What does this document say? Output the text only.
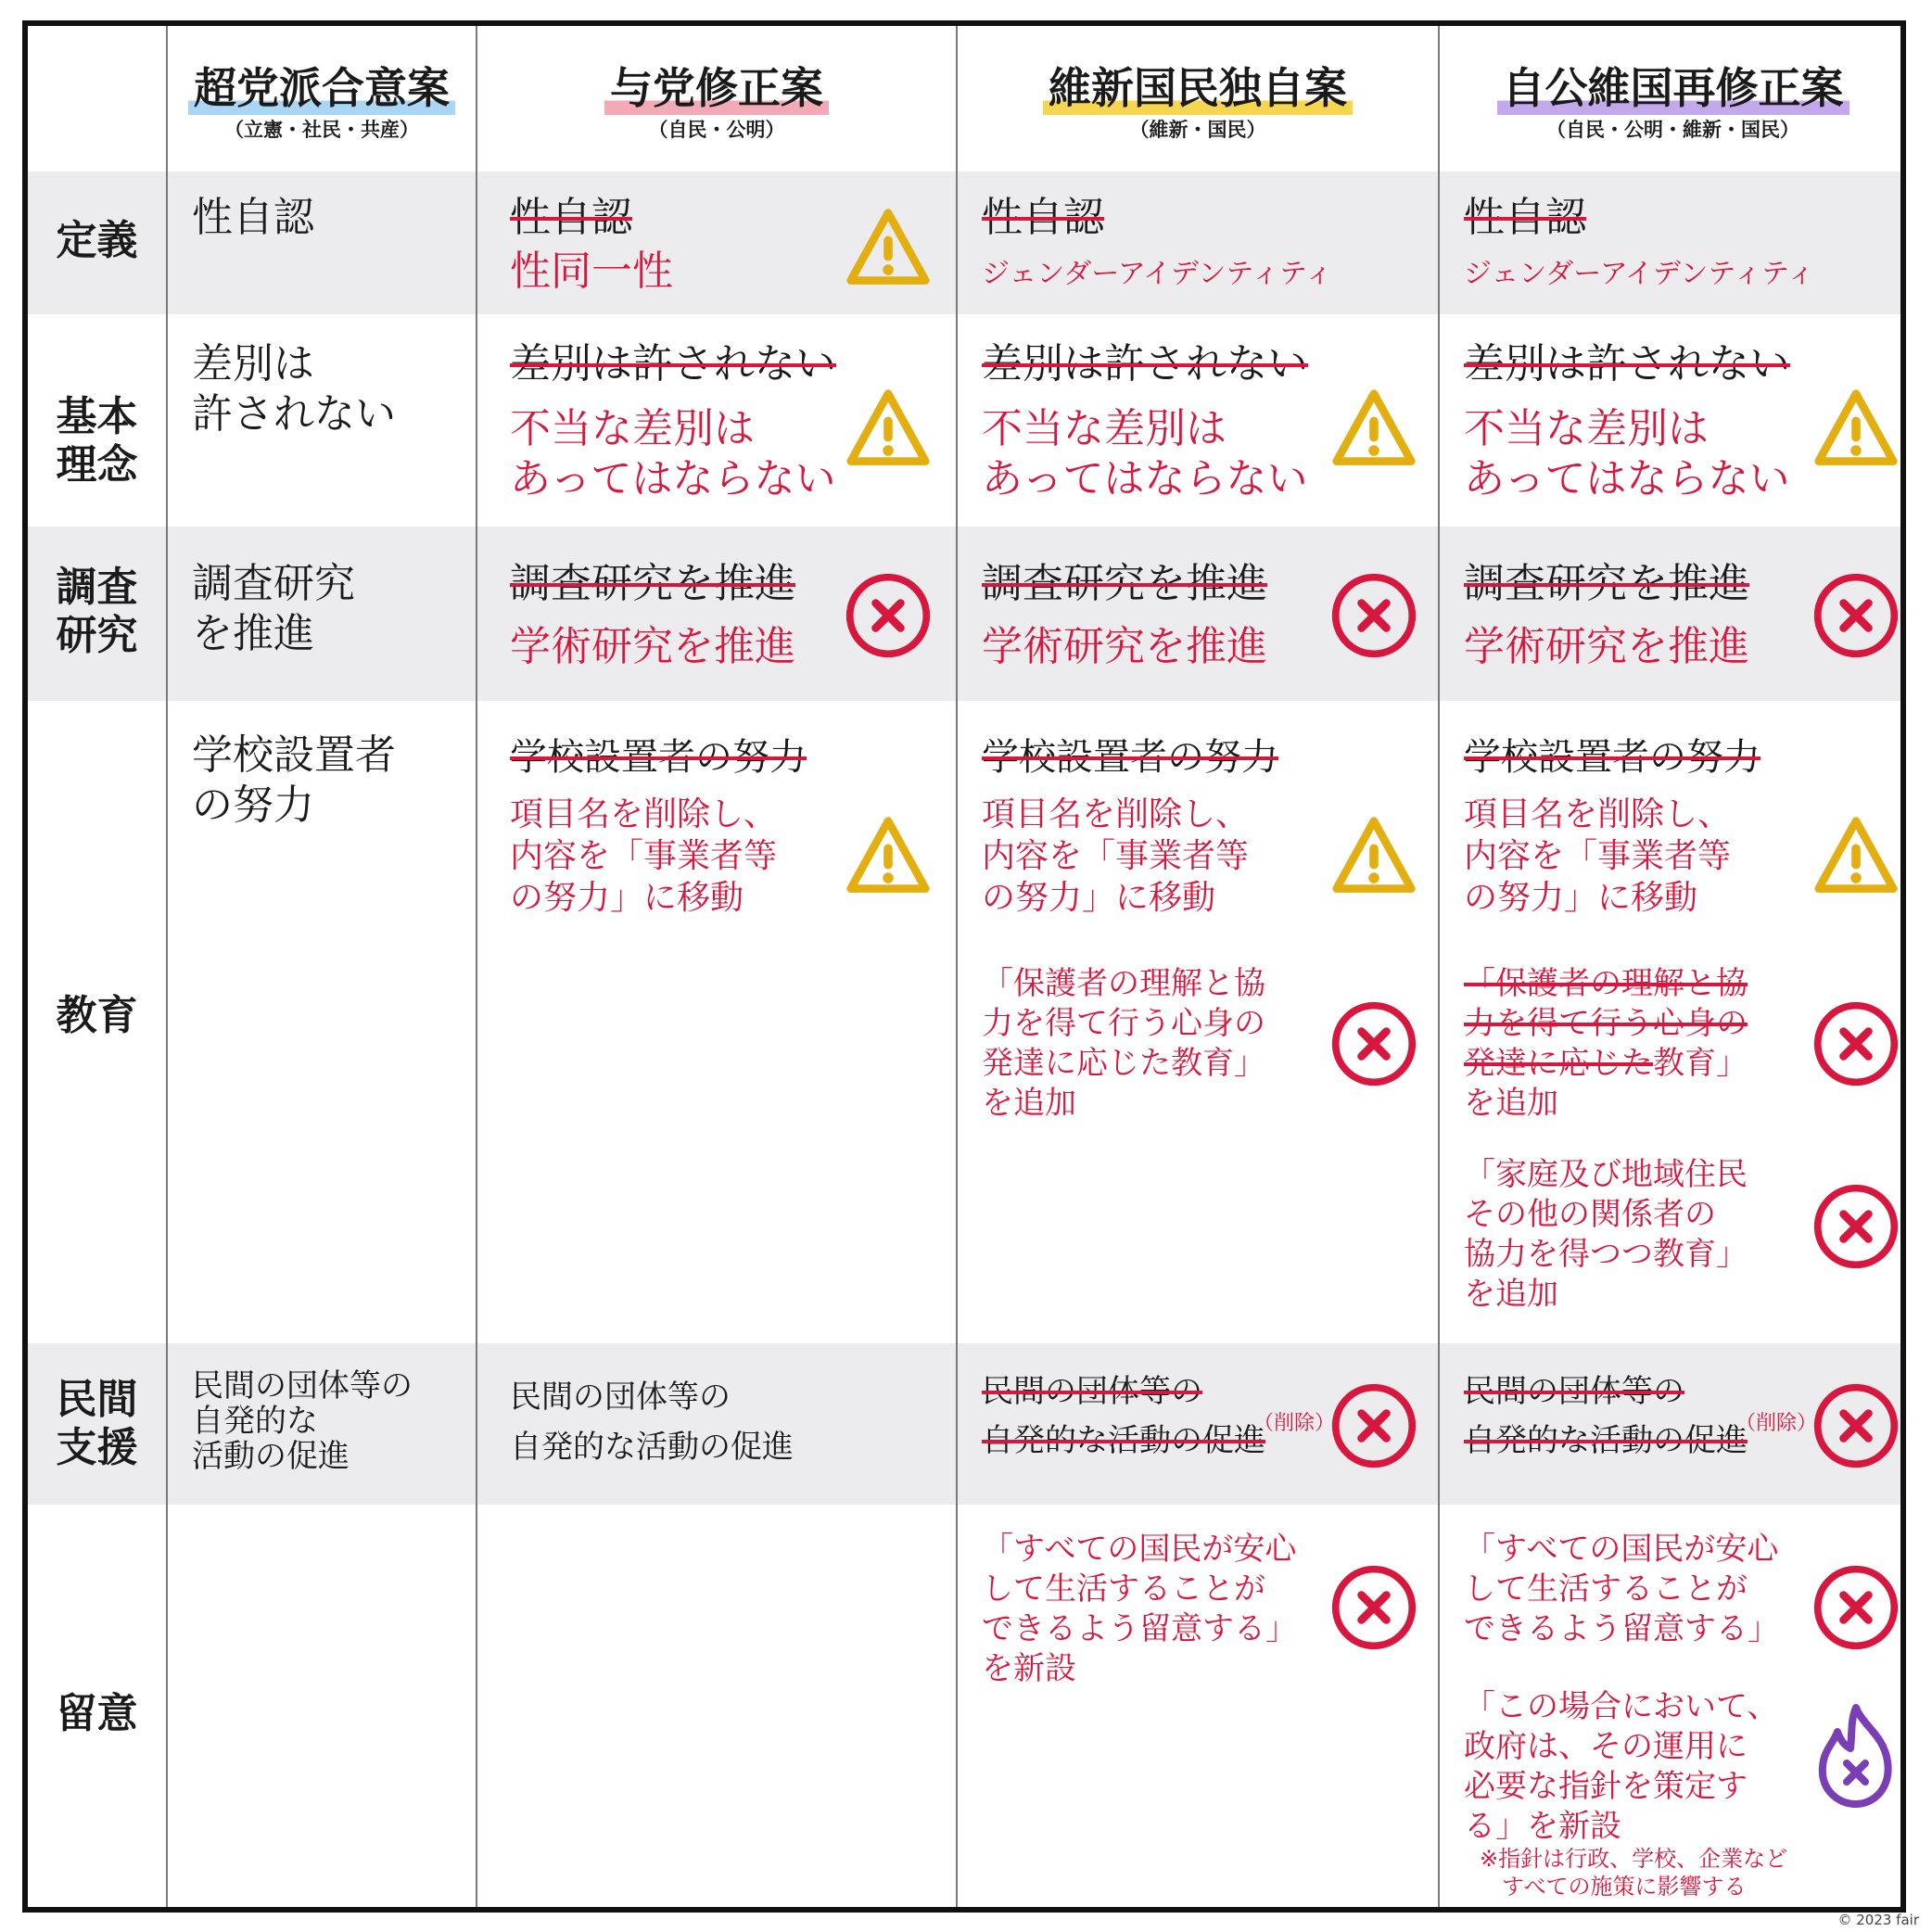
超党派合意案
（立憲・社民・共産）
与党修正案
（自民・公明）
維新国民独自案
（維新・国民）
自公維国再修正案
（自民・公明・維新・国民）
定義
基本
理念
調査
研究
教育
民間
支援
留意
性自認	性自認
性同一性
性自認
ジェンダーアイデンティティ
性自認
ジェンダーアイデンティティ
差別は
許されない
差別は許されない
不当な差別は
あってはならない
差別は許されない
不当な差別は
あってはならない
差別は許されない
不当な差別は
あってはならない
調査研究
を推進
調査研究を推進
学術研究を推進
調査研究を推進
学術研究を推進
調査研究を推進
学術研究を推進
学校設置者
の努力
学校設置者の努力
項目名を削除し、
内容を「事業者等
の努力」に移動
学校設置者の努力
項目名を削除し、
内容を「事業者等
の努力」に移動
「保護者の理解と協
力を得て行う心身の
発達に応じた教育」
を追加
学校設置者の努力
項目名を削除し、
内容を「事業者等
の努力」に移動
「保護者の理解と協
力を得て行う心身の
発達に応じた教育」
を追加
「家庭及び地域住民
その他の関係者の
協力を得つつ教育」
を追加
民間の団体等の
自発的な
活動の促進
民間の団体等の
自発的な活動の促進
民間の団体等の
自発的な活動の促進
（削除）
民間の団体等の
自発的な活動の促進
（削除）
「すべての国民が安心
して生活することが
できるよう留意する」
を新設
「すべての国民が安心
して生活することが
できるよう留意する」
「この場合において、
政府は、その運用に
必要な指針を策定す
る」を新設
※指針は行政、学校、企業など
　すべての施策に影響する
© 2023 fair
